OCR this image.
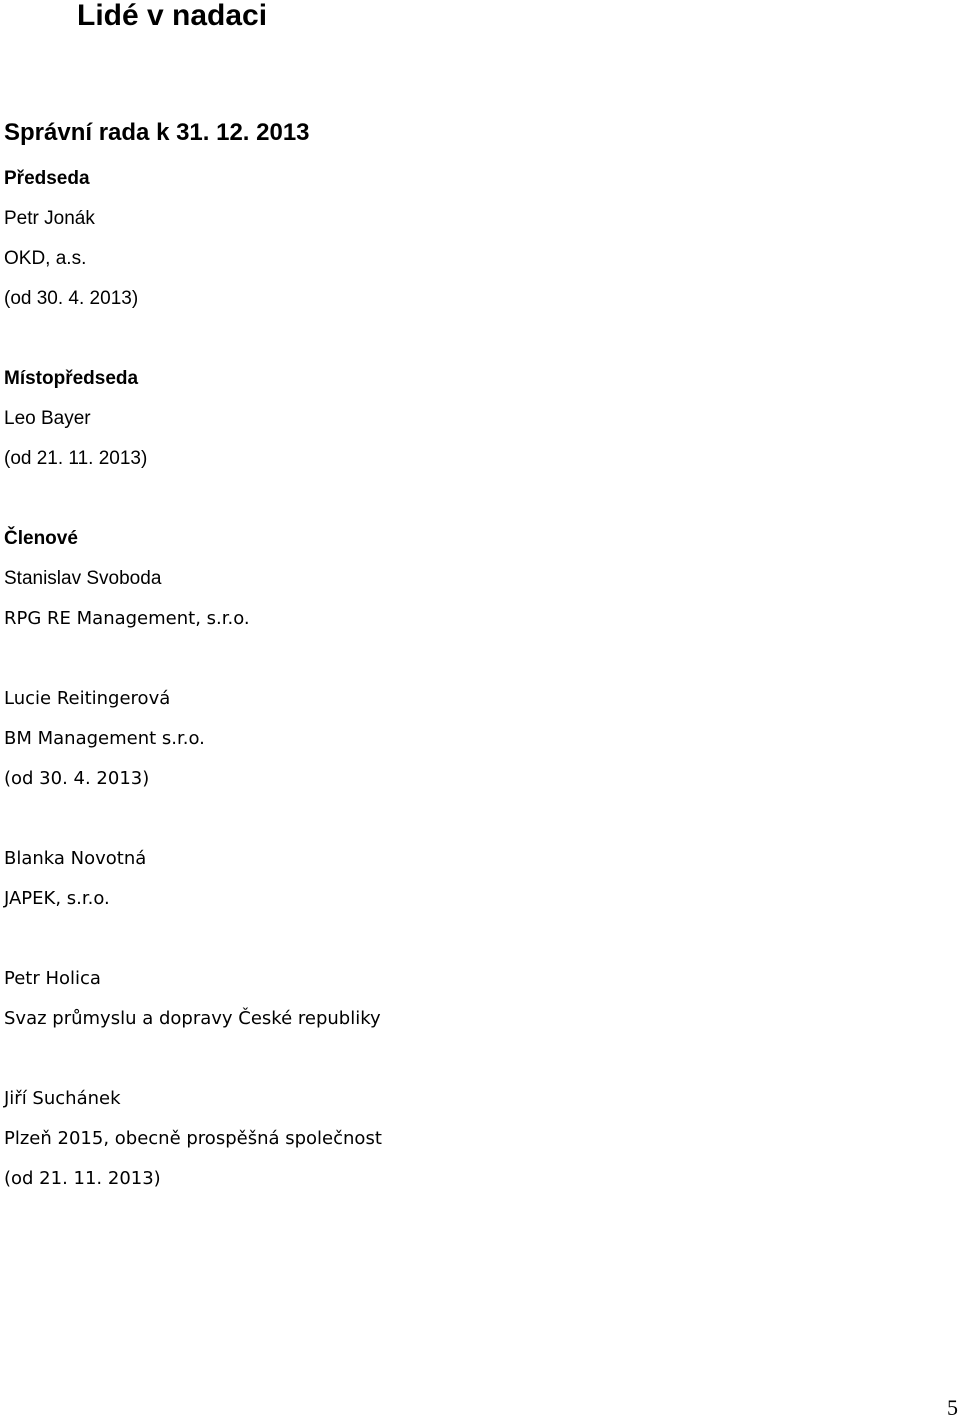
Lidé v nadaci
Správní rada k 31. 12. 2013
Předseda
Petr Jonák
OKD, a.s.
(od 30. 4. 2013)
Místopředseda
Leo Bayer
(od 21. 11. 2013)
Členové
Stanislav Svoboda
RPG RE Management, s.r.o.
Lucie Reitingerová
BM Management s.r.o.
(od 30. 4. 2013)
Blanka Novotná
JAPEK, s.r.o.
Petr Holica
Svaz průmyslu a dopravy České republiky
Jiří Suchánek
Plzeň 2015, obecně prospěšná společnost
(od 21. 11. 2013)
5
